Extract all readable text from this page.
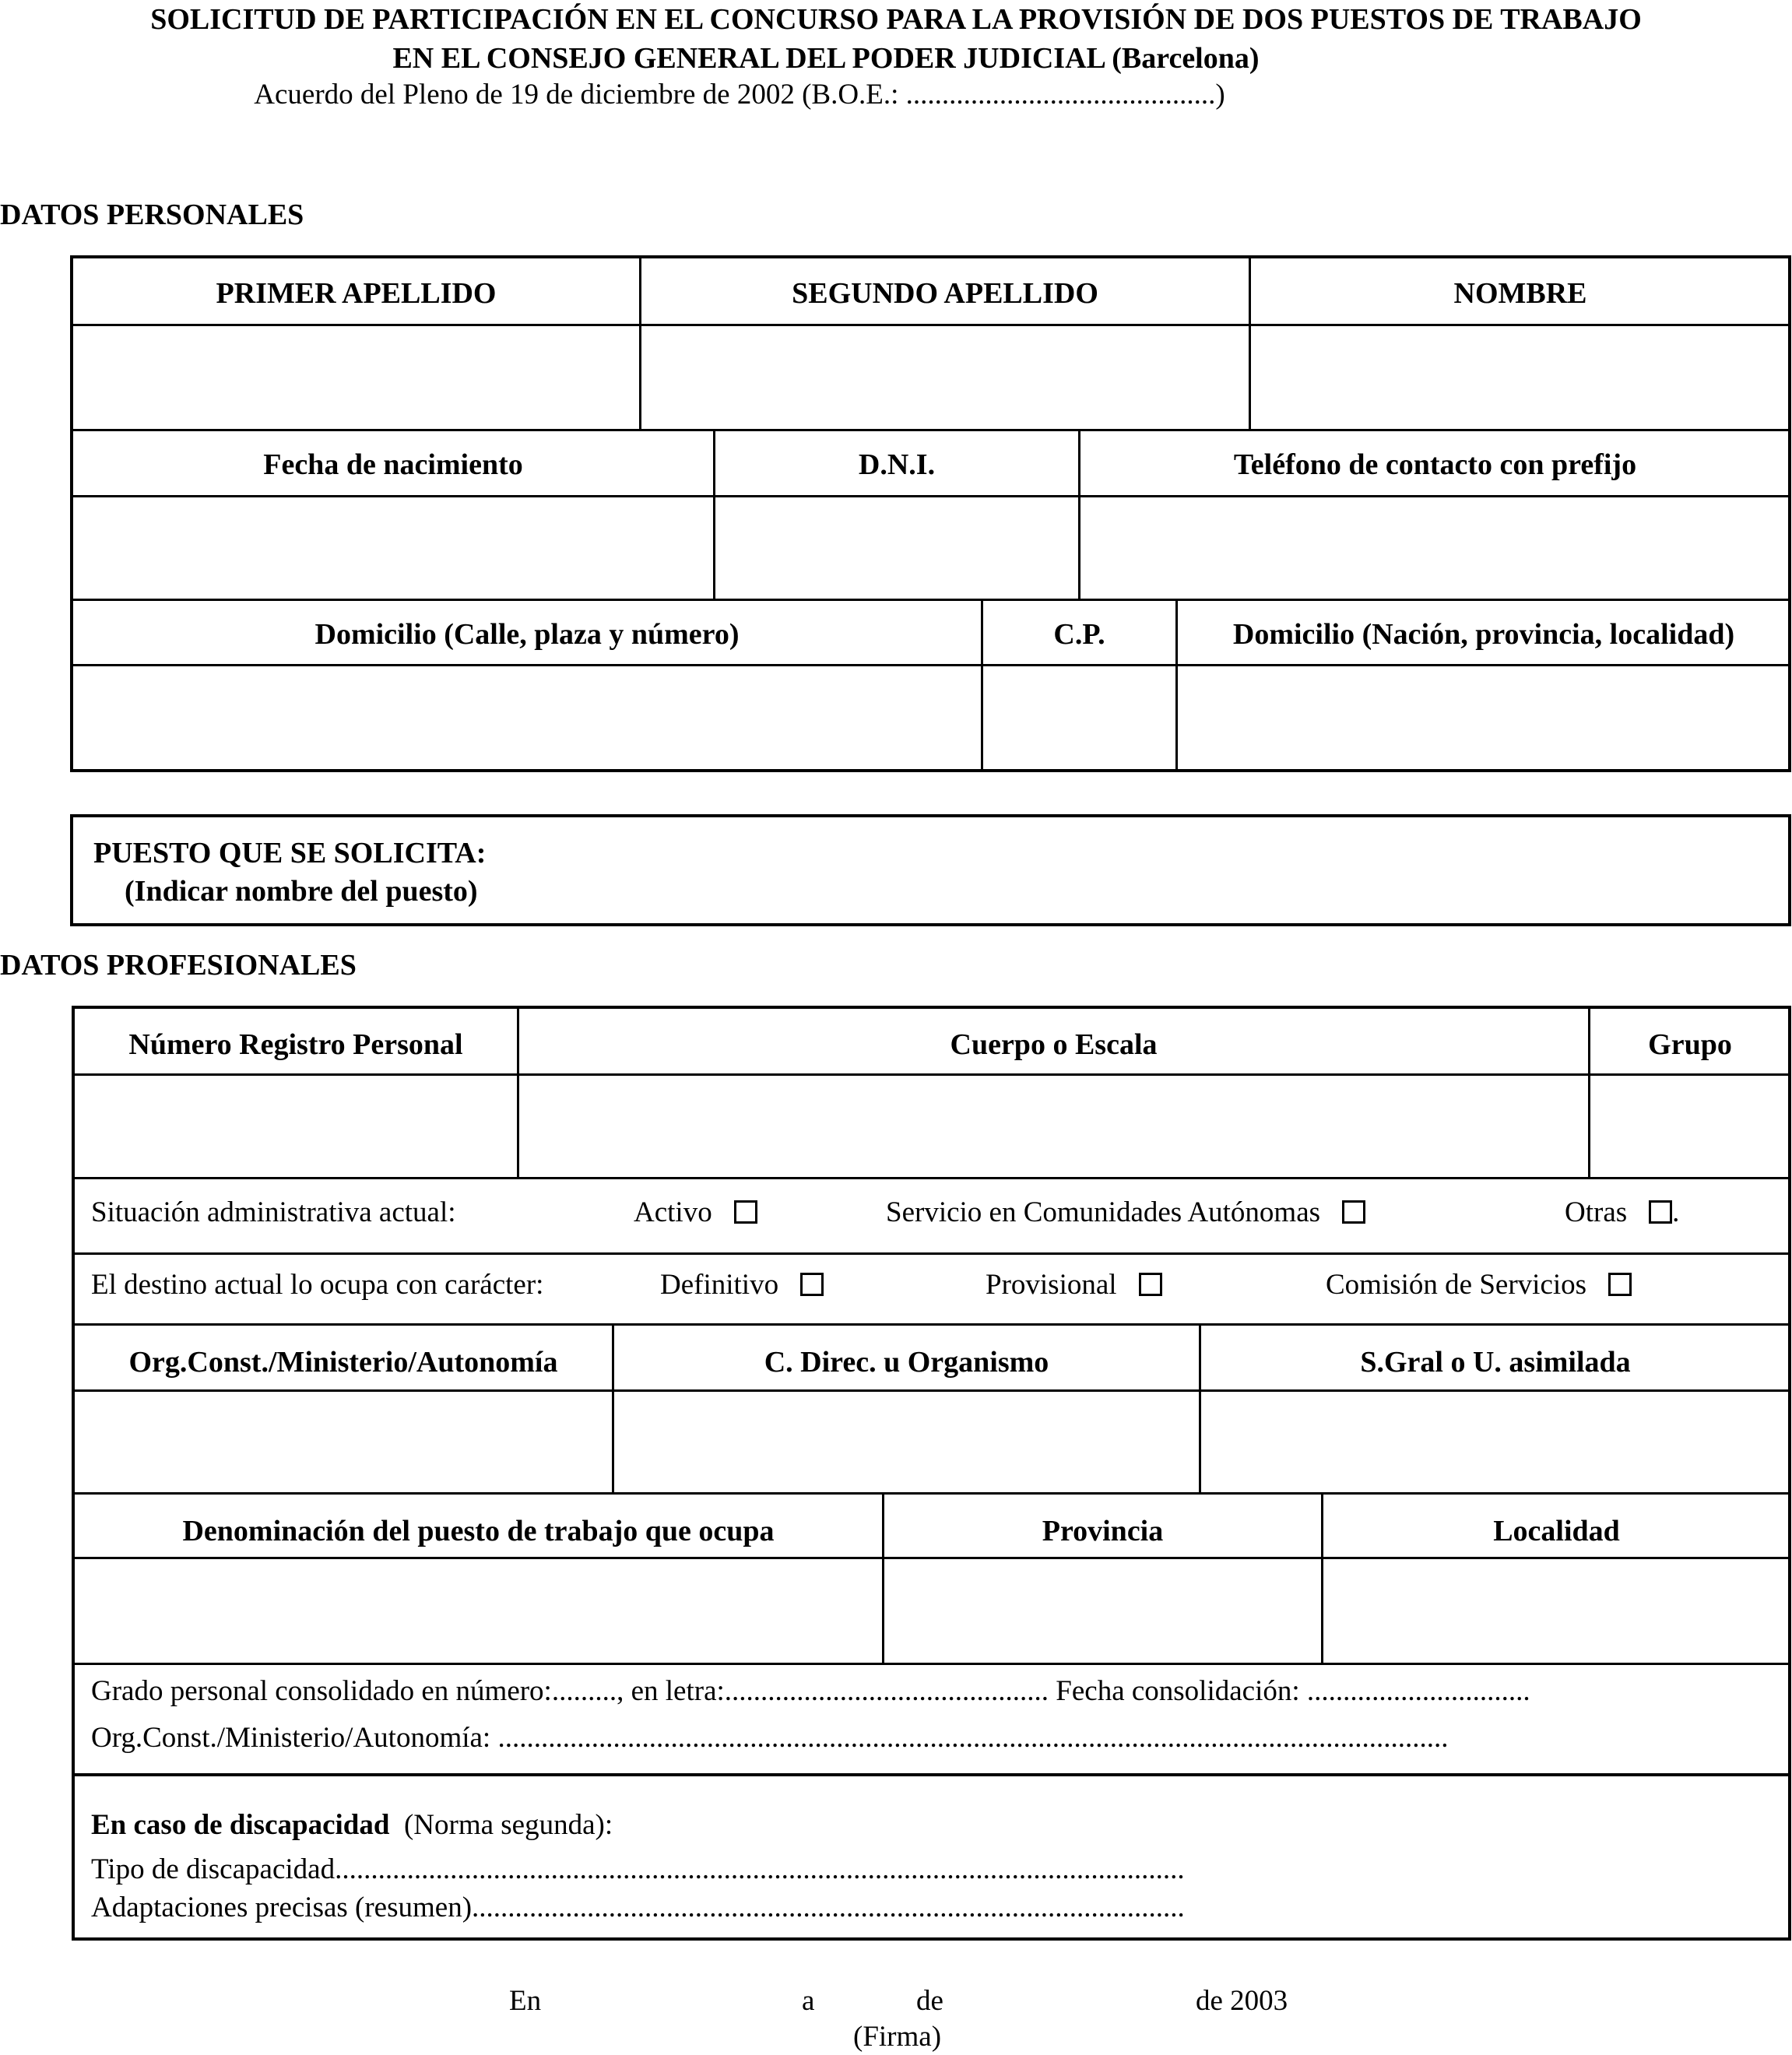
SOLICITUD DE PARTICIPACIÓN EN EL CONCURSO PARA LA PROVISIÓN DE DOS PUESTOS DE TRABAJO
EN EL CONSEJO GENERAL DEL PODER JUDICIAL (Barcelona)
Acuerdo del Pleno de 19 de diciembre de 2002 (B.O.E.: ...........................................)
DATOS PERSONALES
PRIMER APELLIDO	SEGUNDO APELLIDO	NOMBRE
Fecha de nacimiento	D.N.I.	Teléfono de contacto con prefijo
Domicilio (Calle, plaza y número)	C.P.	Domicilio (Nación, provincia, localidad)
PUESTO QUE SE SOLICITA:
(Indicar nombre del puesto)
DATOS PROFESIONALES
Número Registro Personal	Cuerpo o Escala	Grupo
Situación administrativa actual:	Activo	Servicio en Comunidades Autónomas	Otras .
El destino actual lo ocupa con carácter:	Definitivo	Provisional	Comisión de Servicios
Org.Const./Ministerio/Autonomía	C. Direc. u Organismo	S.Gral o U. asimilada
Denominación del puesto de trabajo que ocupa	Provincia	Localidad
Grado personal consolidado en número:........., en letra:............................................. Fecha consolidación: ...............................
Org.Const./Ministerio/Autonomía: ....................................................................................................................................
En caso de discapacidad (Norma segunda):
Tipo de discapacidad......................................................................................................................
Adaptaciones precisas (resumen)...................................................................................................
En	a	de	de 2003
(Firma)
